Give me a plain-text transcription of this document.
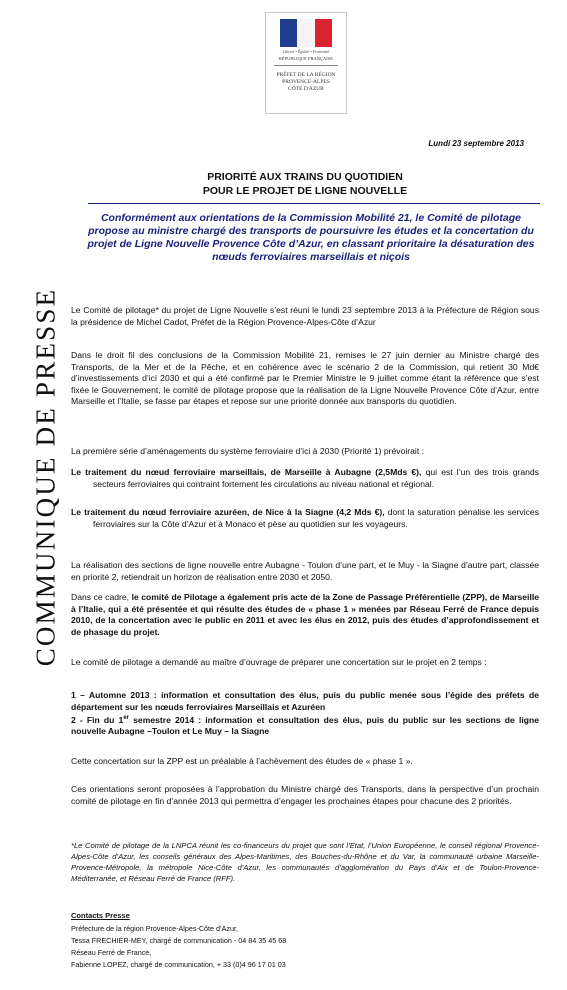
Liberté • Égalité • Fraternité
RÉPUBLIQUE FRANÇAISE
PRÉFET DE LA RÉGION
PROVENCE-ALPES
CÔTE D'AZUR
COMMUNIQUE DE PRESSE
Lundi 23 septembre 2013
PRIORITÉ AUX TRAINS DU QUOTIDIEN
POUR LE PROJET DE LIGNE NOUVELLE
Conformément aux orientations de la Commission Mobilité 21, le Comité de pilotage propose au ministre chargé des transports de poursuivre les études et la concertation du projet de Ligne Nouvelle Provence Côte d’Azur, en classant prioritaire la désaturation des nœuds ferroviaires marseillais et niçois

Le Comité de pilotage* du projet de Ligne Nouvelle s’est réuni le lundi 23 septembre 2013 à la Préfecture de Région sous la présidence de Michel Cadot, Préfet de la Région Provence-Alpes-Côte d’Azur

Dans le droit fil des conclusions de la Commission Mobilité 21, remises le 27 juin dernier au Ministre chargé des Transports, de la Mer et de la Pêche, et en cohérence avec le scénario 2 de la Commission, qui retient 30 Md€ d’investissements d’ici 2030 et qui a été confirmé par le Premier Ministre le 9 juillet comme étant la référence que s’est fixée le Gouvernement, le comité de pilotage propose que la réalisation de la Ligne Nouvelle Provence Côte d’Azur, entre Marseille et l’Italie, se fasse par étapes et repose sur une priorité donnée aux transports du quotidien.

La première série d’aménagements du système ferroviaire d’ici à 2030 (Priorité 1) prévoirait :

Le traitement du nœud ferroviaire marseillais, de Marseille à Aubagne (2,5Mds €), qui est l’un des trois grands secteurs ferroviaires qui contraint fortement les circulations au niveau national et régional.

Le traitement du nœud ferroviaire azuréen, de Nice à la Siagne (4,2 Mds €), dont la saturation pénalise les services ferroviaires sur la Côte d’Azur et à Monaco et pèse au quotidien sur les voyageurs.

La réalisation des sections de ligne nouvelle entre Aubagne - Toulon d’une part, et le Muy - la Siagne d’autre part, classée en priorité 2, retiendrait un horizon de réalisation entre 2030 et 2050.

Dans ce cadre, le comité de Pilotage a également pris acte de la Zone de Passage Préférentielle (ZPP), de Marseille à l’Italie, qui a été présentée et qui résulte des études de « phase 1 » menées par Réseau Ferré de France depuis 2010, de la concertation avec le public en 2011 et avec les élus en 2012, puis des études d’approfondissement et de phasage du projet.

Le comité de pilotage a demandé au maître d’ouvrage de préparer une concertation sur le projet en 2 temps :

1 – Automne 2013 : information et consultation des élus, puis du public menée sous l’égide des préfets de département sur les nœuds ferroviaires Marseillais et Azuréen

2 - Fin du 1er semestre 2014 : information et consultation des élus, puis du public sur les sections de ligne nouvelle Aubagne –Toulon et Le Muy – la Siagne

Cette concertation sur la ZPP est un préalable à l’achèvement des études de « phase 1 ».

Ces orientations seront proposées à l’approbation du Ministre chargé des Transports, dans la perspective d’un prochain comité de pilotage en fin d’année 2013 qui permettra d’engager les prochaines étapes pour chacune des 2 priorités.

*Le Comité de pilotage de la LNPCA réunit les co-financeurs du projet que sont l’Etat, l’Union Européenne, le conseil régional Provence-Alpes-Côte d’Azur, les conseils généraux des Alpes-Maritimes, des Bouches-du-Rhône et du Var, la communauté urbaine Marseille-Provence-Métropole, la métropole Nice-Côte d’Azur, les communautés d’agglomération du Pays d’Aix et de Toulon-Provence-Méditerranée, et Réseau Ferré de France (RFF).
Contacts Presse
Préfecture de la région Provence-Alpes-Côte d’Azur,
Tessa FRECHIER-MEY, chargé de communication - 04 84 35 45 68
Réseau Ferré de France,
Fabienne LOPEZ, chargé de communication, + 33 (0)4 96 17 01 03
